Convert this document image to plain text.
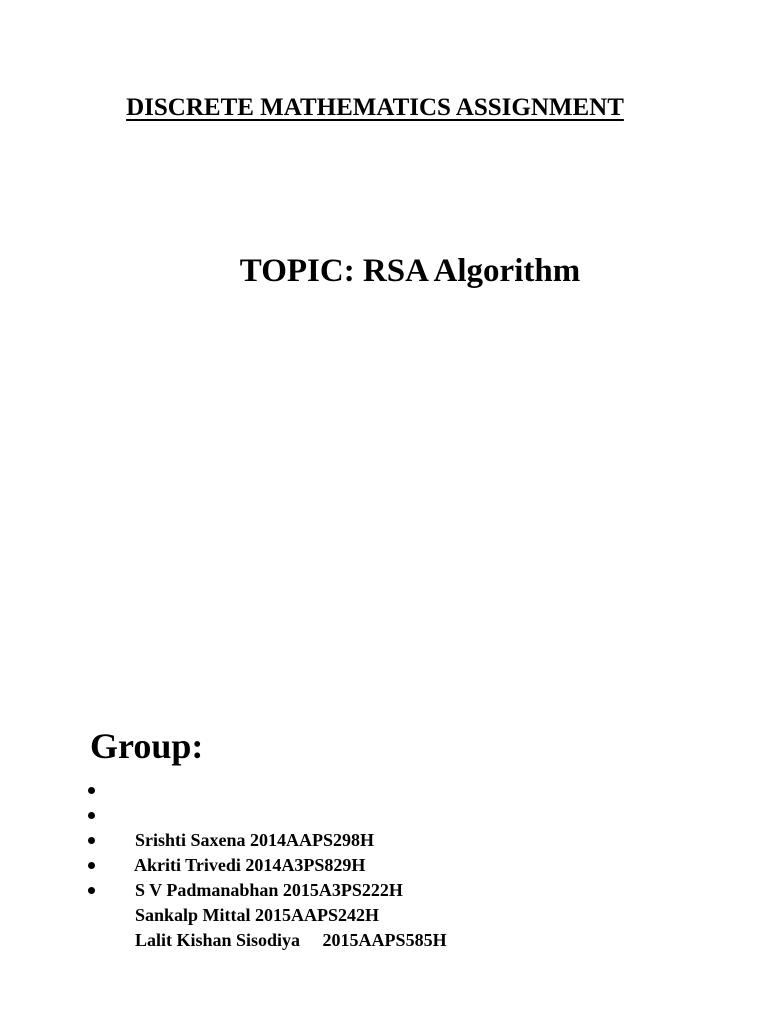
DISCRETE MATHEMATICS ASSIGNMENT
TOPIC: RSA Algorithm
Group:

Srishti Saxena 2014AAPS298H

Akriti Trivedi 2014A3PS829H

S V Padmanabhan 2015A3PS222H

Sankalp Mittal 2015AAPS242H

Lalit Kishan Sisodiya     2015AAPS585H
